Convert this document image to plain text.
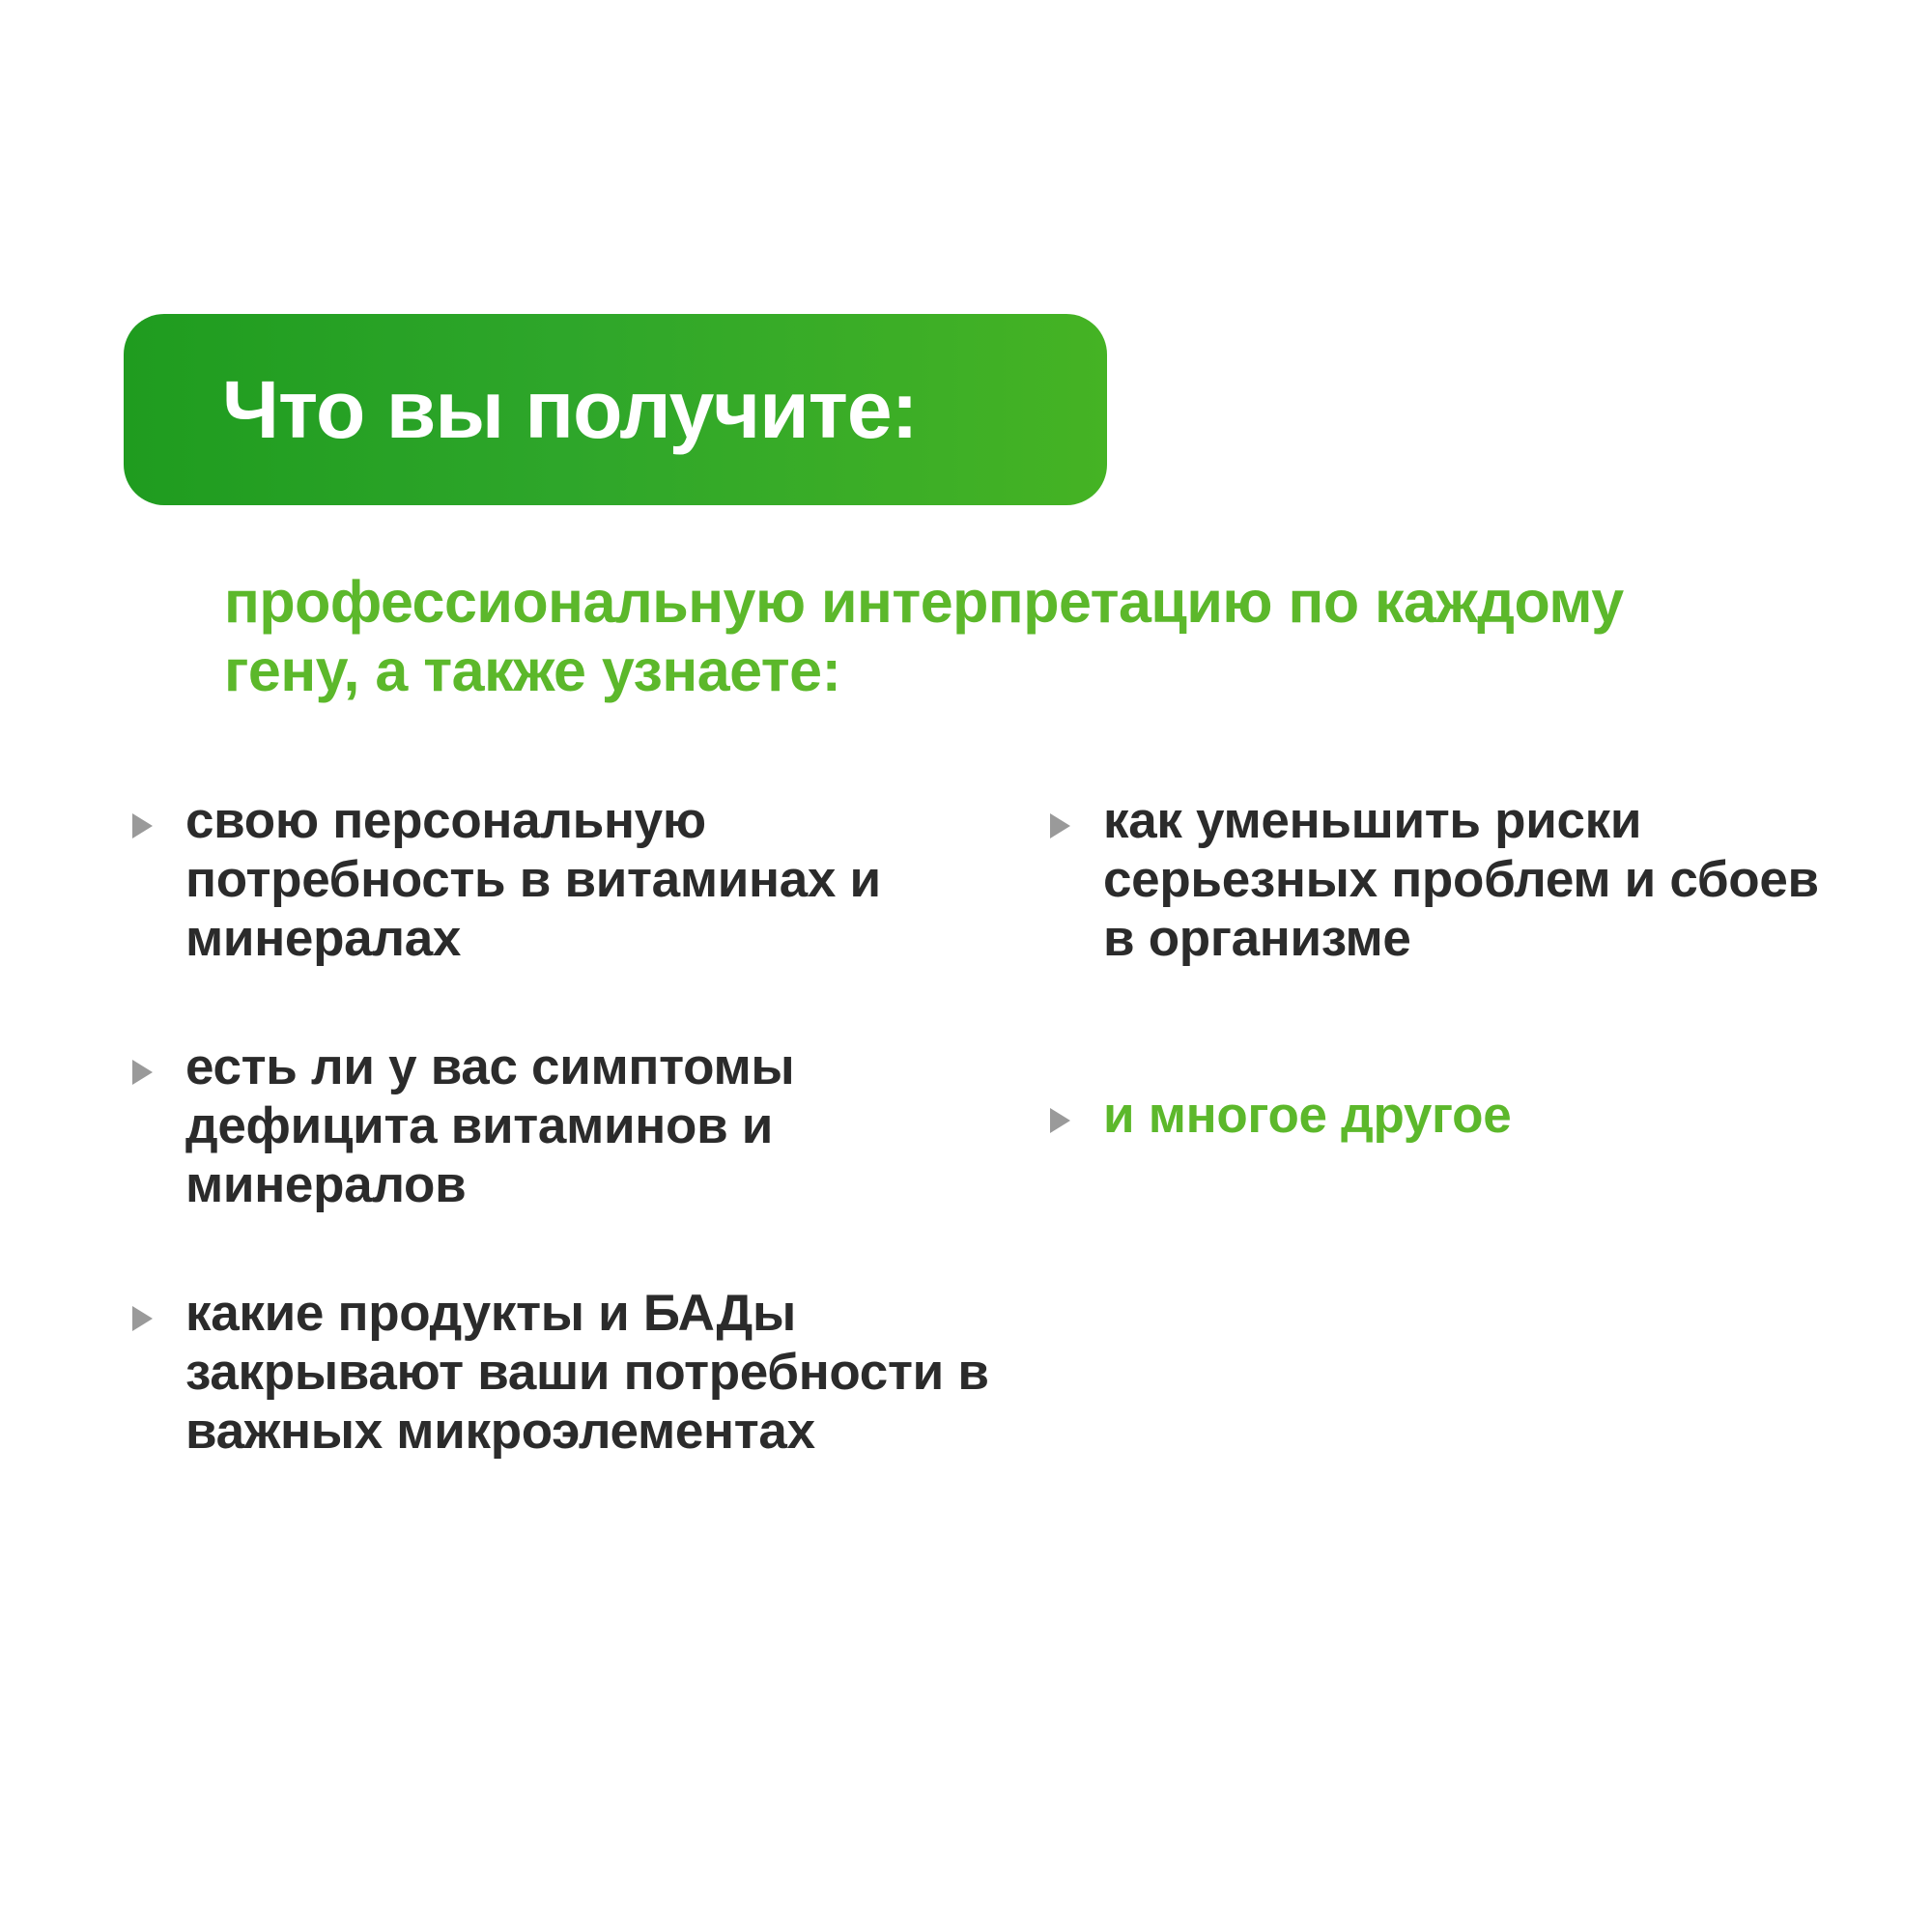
Что вы получите:
профессиональную интерпретацию по каждому гену, а также узнаете:
свою персональную потребность в витаминах и минералах
есть ли у вас симптомы дефицита витаминов и минералов
какие продукты и БАДы закрывают ваши потребности в важных микроэлементах
как уменьшить риски серьезных проблем и сбоев в организме
и многое другое
